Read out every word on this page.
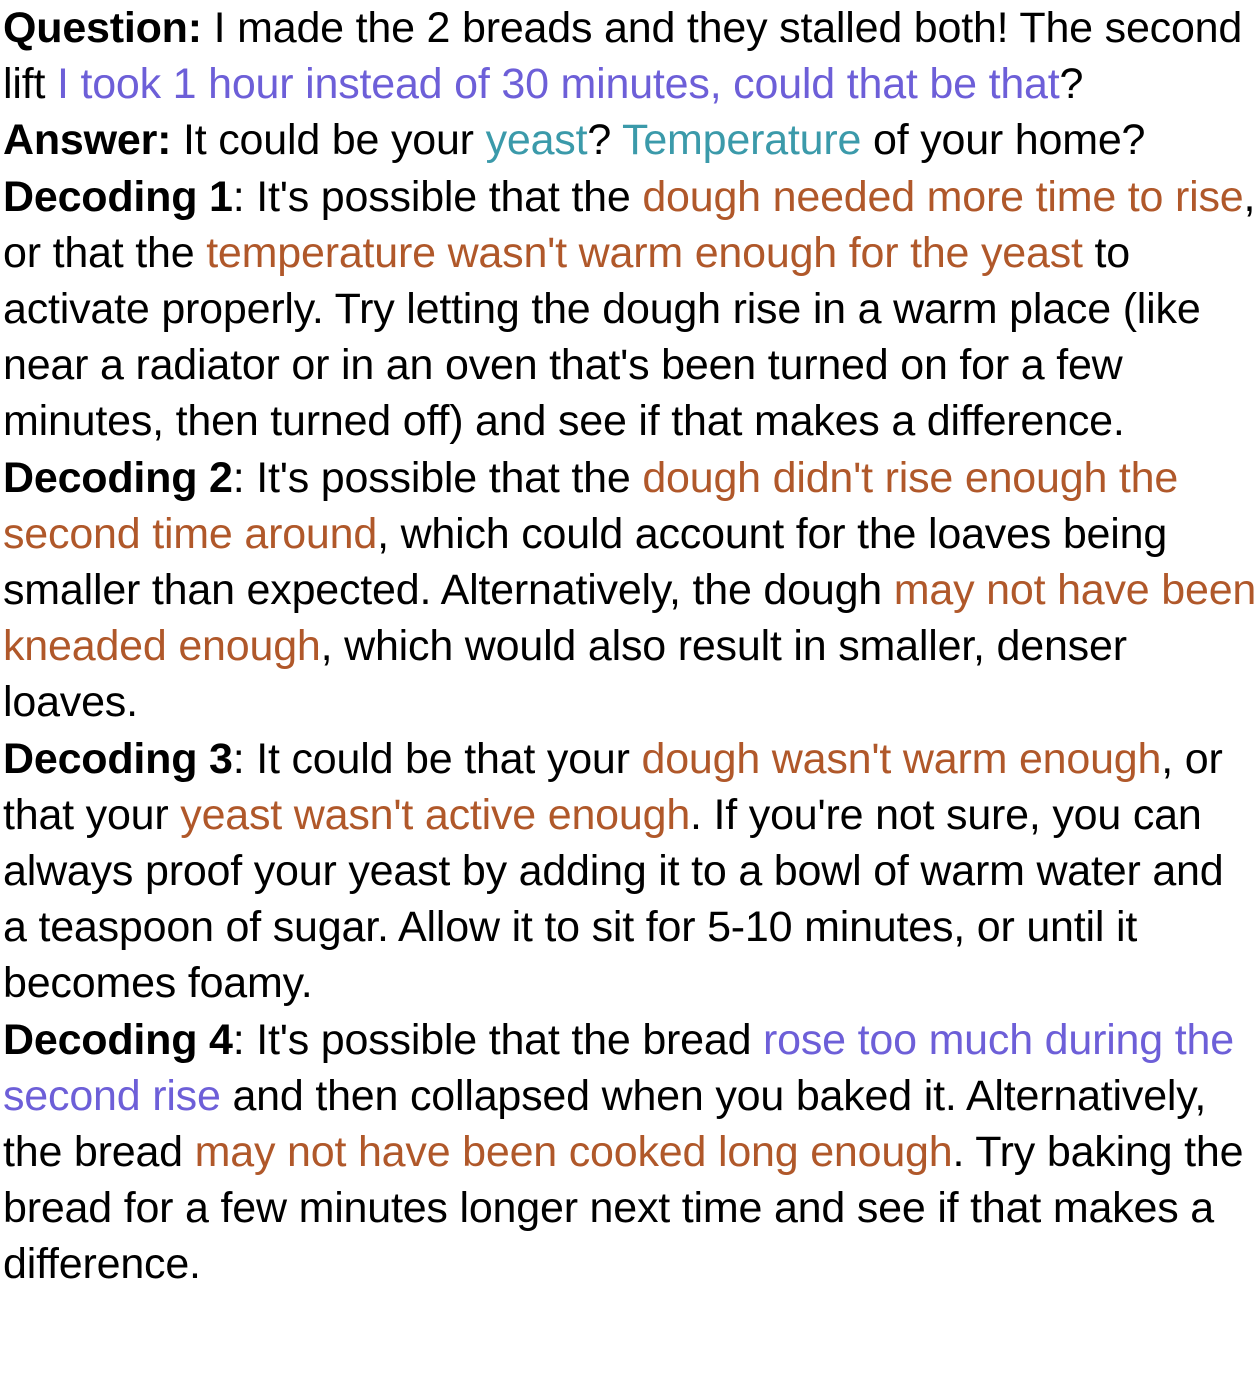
Question: I made the 2 breads and they stalled both! The second lift I took 1 hour instead of 30 minutes, could that be that?

Answer: It could be your yeast? Temperature of your home?

Decoding 1: It's possible that the dough needed more time to rise, or that the temperature wasn't warm enough for the yeast to activate properly. Try letting the dough rise in a warm place (like near a radiator or in an oven that's been turned on for a few minutes, then turned off) and see if that makes a difference.

Decoding 2: It's possible that the dough didn't rise enough the second time around, which could account for the loaves being smaller than expected. Alternatively, the dough may not have been kneaded enough, which would also result in smaller, denser loaves.

Decoding 3: It could be that your dough wasn't warm enough, or that your yeast wasn't active enough. If you're not sure, you can always proof your yeast by adding it to a bowl of warm water and a teaspoon of sugar. Allow it to sit for 5-10 minutes, or until it becomes foamy.

Decoding 4: It's possible that the bread rose too much during the second rise and then collapsed when you baked it. Alternatively, the bread may not have been cooked long enough. Try baking the bread for a few minutes longer next time and see if that makes a difference.
